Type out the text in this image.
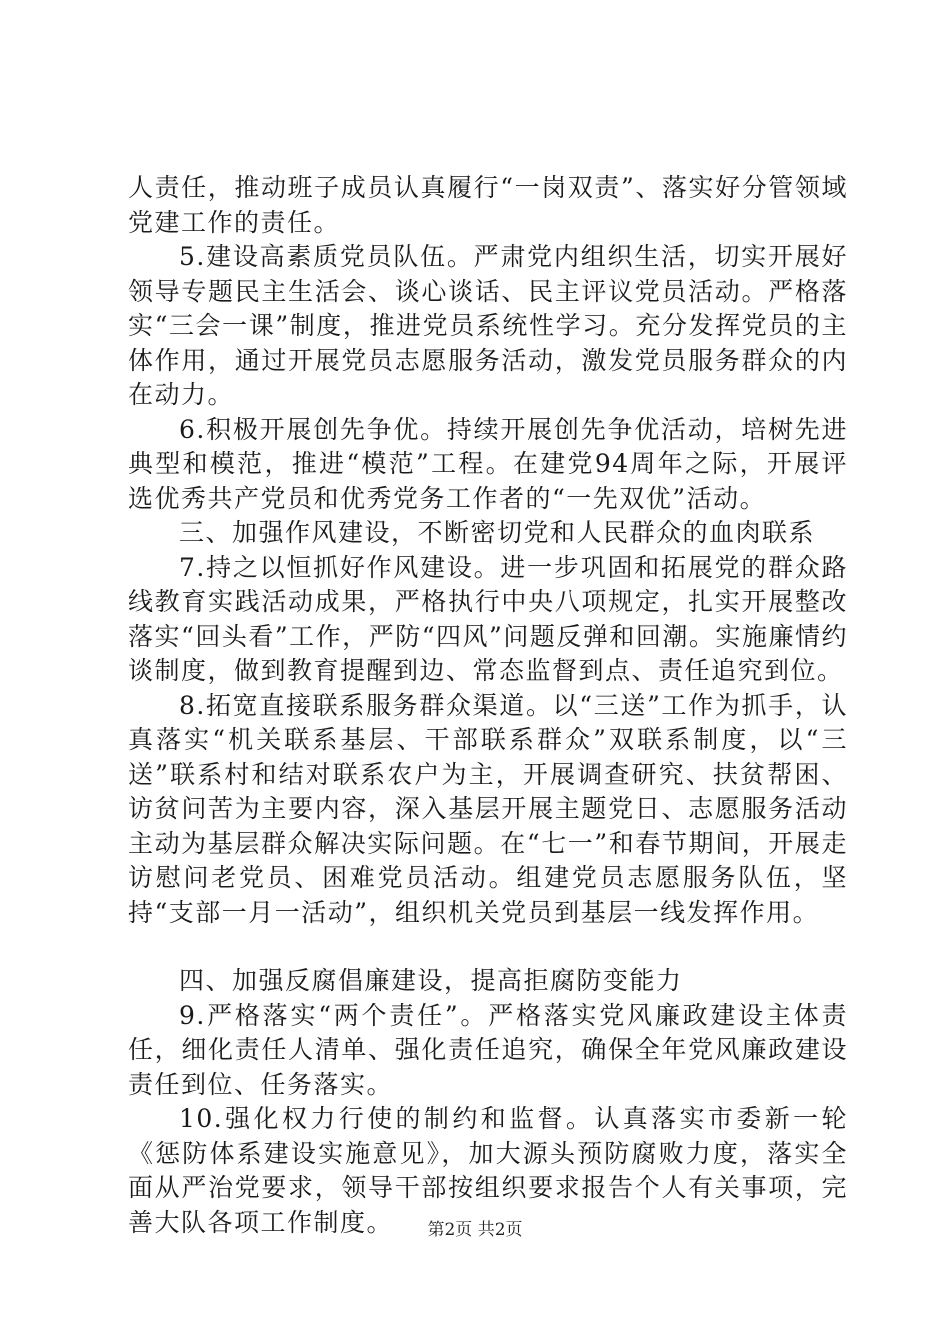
人责任，推动班子成员认真履行“一岗双责”、落实好分管领域党建工作的责任。

5.建设高素质党员队伍。严肃党内组织生活，切实开展好领导专题民主生活会、谈心谈话、民主评议党员活动。严格落实“三会一课”制度，推进党员系统性学习。充分发挥党员的主体作用，通过开展党员志愿服务活动，激发党员服务群众的内在动力。

6.积极开展创先争优。持续开展创先争优活动，培树先进典型和模范，推进“模范”工程。在建党94周年之际，开展评选优秀共产党员和优秀党务工作者的“一先双优”活动。

三、加强作风建设，不断密切党和人民群众的血肉联系

7.持之以恒抓好作风建设。进一步巩固和拓展党的群众路线教育实践活动成果，严格执行中央八项规定，扎实开展整改落实“回头看”工作，严防“四风”问题反弹和回潮。实施廉情约谈制度，做到教育提醒到边、常态监督到点、责任追究到位。

8.拓宽直接联系服务群众渠道。以“三送”工作为抓手，认真落实“机关联系基层、干部联系群众”双联系制度，以“三送”联系村和结对联系农户为主，开展调查研究、扶贫帮困、访贫问苦为主要内容，深入基层开展主题党日、志愿服务活动主动为基层群众解决实际问题。在“七一”和春节期间，开展走访慰问老党员、困难党员活动。组建党员志愿服务队伍，坚持“支部一月一活动”，组织机关党员到基层一线发挥作用。

四、加强反腐倡廉建设，提高拒腐防变能力

9.严格落实“两个责任”。严格落实党风廉政建设主体责任，细化责任人清单、强化责任追究，确保全年党风廉政建设责任到位、任务落实。

10.强化权力行使的制约和监督。认真落实市委新一轮《惩防体系建设实施意见》，加大源头预防腐败力度，落实全面从严治党要求，领导干部按组织要求报告个人有关事项，完善大队各项工作制度。	第2页 共2页
